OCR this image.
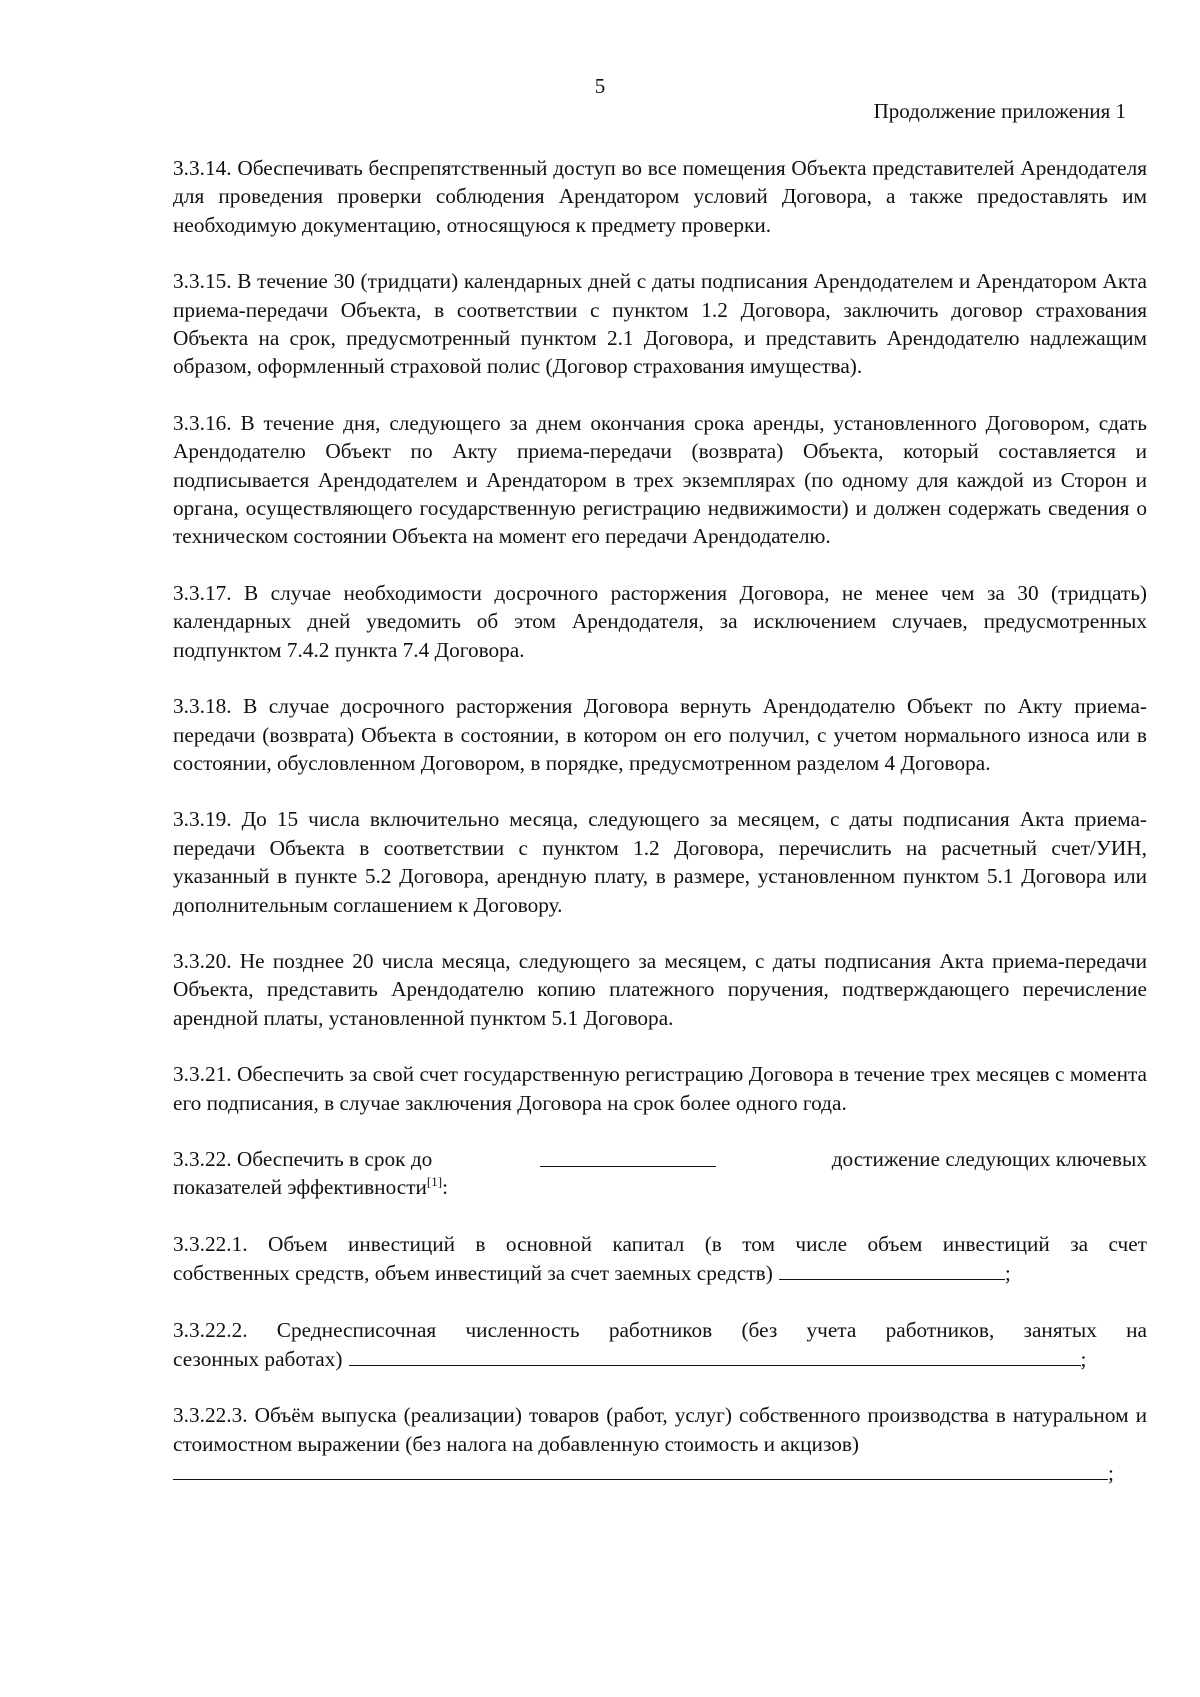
5
Продолжение приложения 1

3.3.14. Обеспечивать беспрепятственный доступ во все помещения Объекта представителей Арендодателя для проведения проверки соблюдения Арендатором условий Договора, а также предоставлять им необходимую документацию, относящуюся к предмету проверки.

3.3.15. В течение 30 (тридцати) календарных дней с даты подписания Арендодателем и Арендатором Акта приема-передачи Объекта, в соответствии с пунктом 1.2 Договора, заключить договор страхования Объекта на срок, предусмотренный пунктом 2.1 Договора, и представить Арендодателю надлежащим образом, оформленный страховой полис (Договор страхования имущества).

3.3.16. В течение дня, следующего за днем окончания срока аренды, установленного Договором, сдать Арендодателю Объект по Акту приема-передачи (возврата) Объекта, который составляется и подписывается Арендодателем и Арендатором в трех экземплярах (по одному для каждой из Сторон и органа, осуществляющего государственную регистрацию недвижимости) и должен содержать сведения о техническом состоянии Объекта на момент его передачи Арендодателю.

3.3.17. В случае необходимости досрочного расторжения Договора, не менее чем за 30 (тридцать) календарных дней уведомить об этом Арендодателя, за исключением случаев, предусмотренных подпунктом 7.4.2 пункта 7.4 Договора.

3.3.18. В случае досрочного расторжения Договора вернуть Арендодателю Объект по Акту приема-передачи (возврата) Объекта в состоянии, в котором он его получил, с учетом нормального износа или в состоянии, обусловленном Договором, в порядке, предусмотренном разделом 4 Договора.

3.3.19. До 15 числа включительно месяца, следующего за месяцем, с даты подписания Акта приема-передачи Объекта в соответствии с пунктом 1.2 Договора, перечислить на расчетный счет/УИН, указанный в пункте 5.2 Договора, арендную плату, в размере, установленном пунктом 5.1 Договора или дополнительным соглашением к Договору.

3.3.20. Не позднее 20 числа месяца, следующего за месяцем, с даты подписания Акта приема-передачи Объекта, представить Арендодателю копию платежного поручения, подтверждающего перечисление арендной платы, установленной пунктом 5.1 Договора.

3.3.21. Обеспечить за свой счет государственную регистрацию Договора в течение трех месяцев с момента его подписания, в случае заключения Договора на срок более одного года.

3.3.22. Обеспечить в срок до	достижение следующих ключевых
показателей эффективности[1]:
3.3.22.1. Объем инвестиций в основной капитал (в том числе объем инвестиций за счет
собственных средств, объем инвестиций за счет заемных средств)	;
3.3.22.2. Среднесписочная численность работников (без учета работников, занятых на
сезонных работах)	;
3.3.22.3. Объём выпуска (реализации) товаров (работ, услуг) собственного производства в натуральном и стоимостном выражении (без налога на добавленную стоимость и акцизов)
;
